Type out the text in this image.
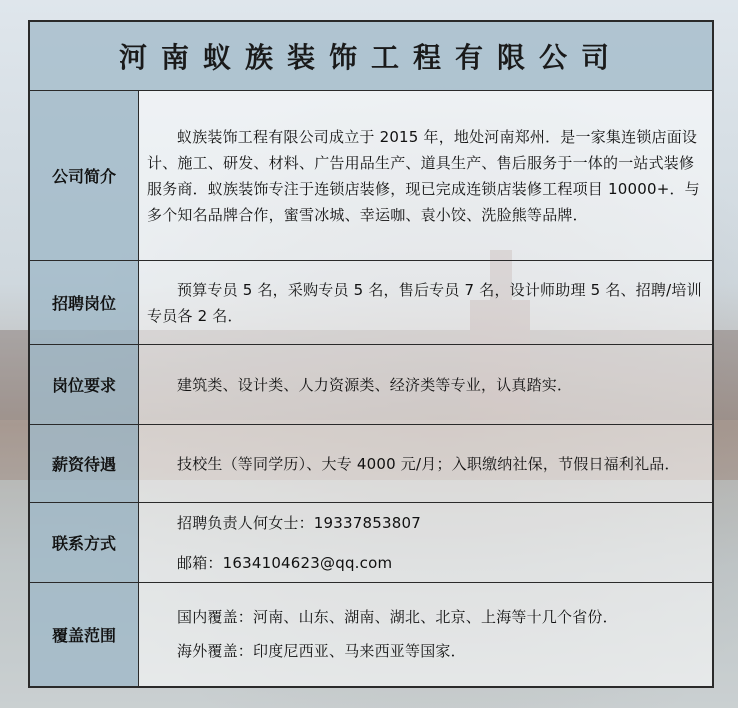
河南蚁族装饰工程有限公司	
公司简介	蚁族装饰工程有限公司成立于 2015 年，地处河南郑州．是一家集连锁店面设计、施工、研发、材料、广告用品生产、道具生产、售后服务于一体的一站式装修服务商．蚁族装饰专注于连锁店装修，现已完成连锁店装修工程项目 10000+．与多个知名品牌合作，蜜雪冰城、幸运咖、袁小饺、洗脸熊等品牌．

招聘岗位	预算专员 5 名，采购专员 5 名，售后专员 7 名，设计师助理 5 名、招聘/培训专员各 2 名．

岗位要求	建筑类、设计类、人力资源类、经济类等专业，认真踏实．

薪资待遇	技校生（等同学历）、大专 4000 元/月；入职缴纳社保，节假日福利礼品．

联系方式	招聘负责人何女士：19337853807

邮箱：1634104623@qq.com

覆盖范围	国内覆盖：河南、山东、湖南、湖北、北京、上海等十几个省份．

海外覆盖：印度尼西亚、马来西亚等国家．
